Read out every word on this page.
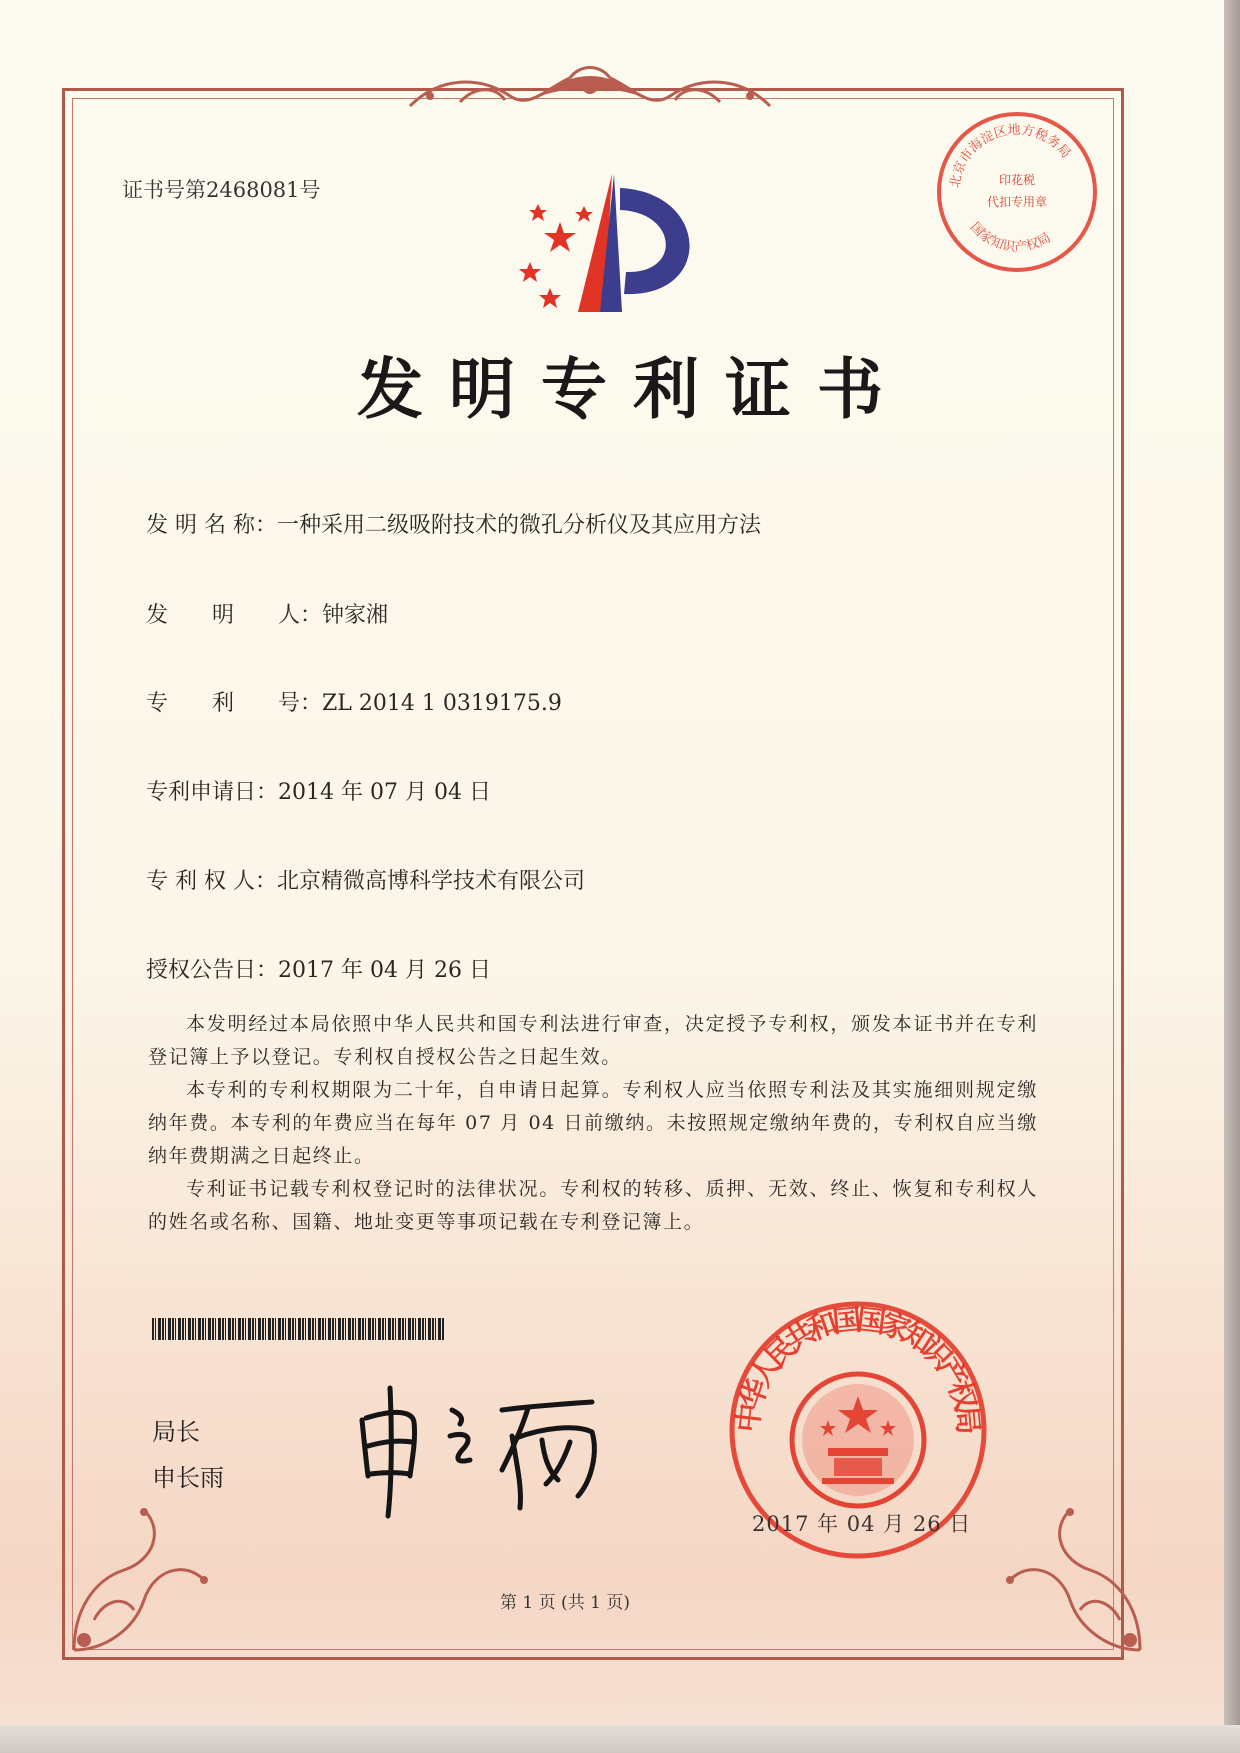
证书号第2468081号	北京市海淀区地方税务局
国家知识产权局
印花税
代扣专用章
发明专利证书
发 明 名 称：一种采用二级吸附技术的微孔分析仪及其应用方法
发　　明　　人：钟家湘
专　　利　　号：ZL 2014 1 0319175.9
专利申请日：2014 年 07 月 04 日
专 利 权 人：北京精微高博科学技术有限公司
授权公告日：2017 年 04 月 26 日

本发明经过本局依照中华人民共和国专利法进行审查，决定授予专利权，颁发本证书并在专利登记簿上予以登记。专利权自授权公告之日起生效。

本专利的专利权期限为二十年，自申请日起算。专利权人应当依照专利法及其实施细则规定缴纳年费。本专利的年费应当在每年 07 月 04 日前缴纳。未按照规定缴纳年费的，专利权自应当缴纳年费期满之日起终止。

专利证书记载专利权登记时的法律状况。专利权的转移、质押、无效、终止、恢复和专利权人的姓名或名称、国籍、地址变更等事项记载在专利登记簿上。

局长
申长雨
中华人民共和国国家知识产权局
2017 年 04 月 26 日
第 1 页 (共 1 页)
